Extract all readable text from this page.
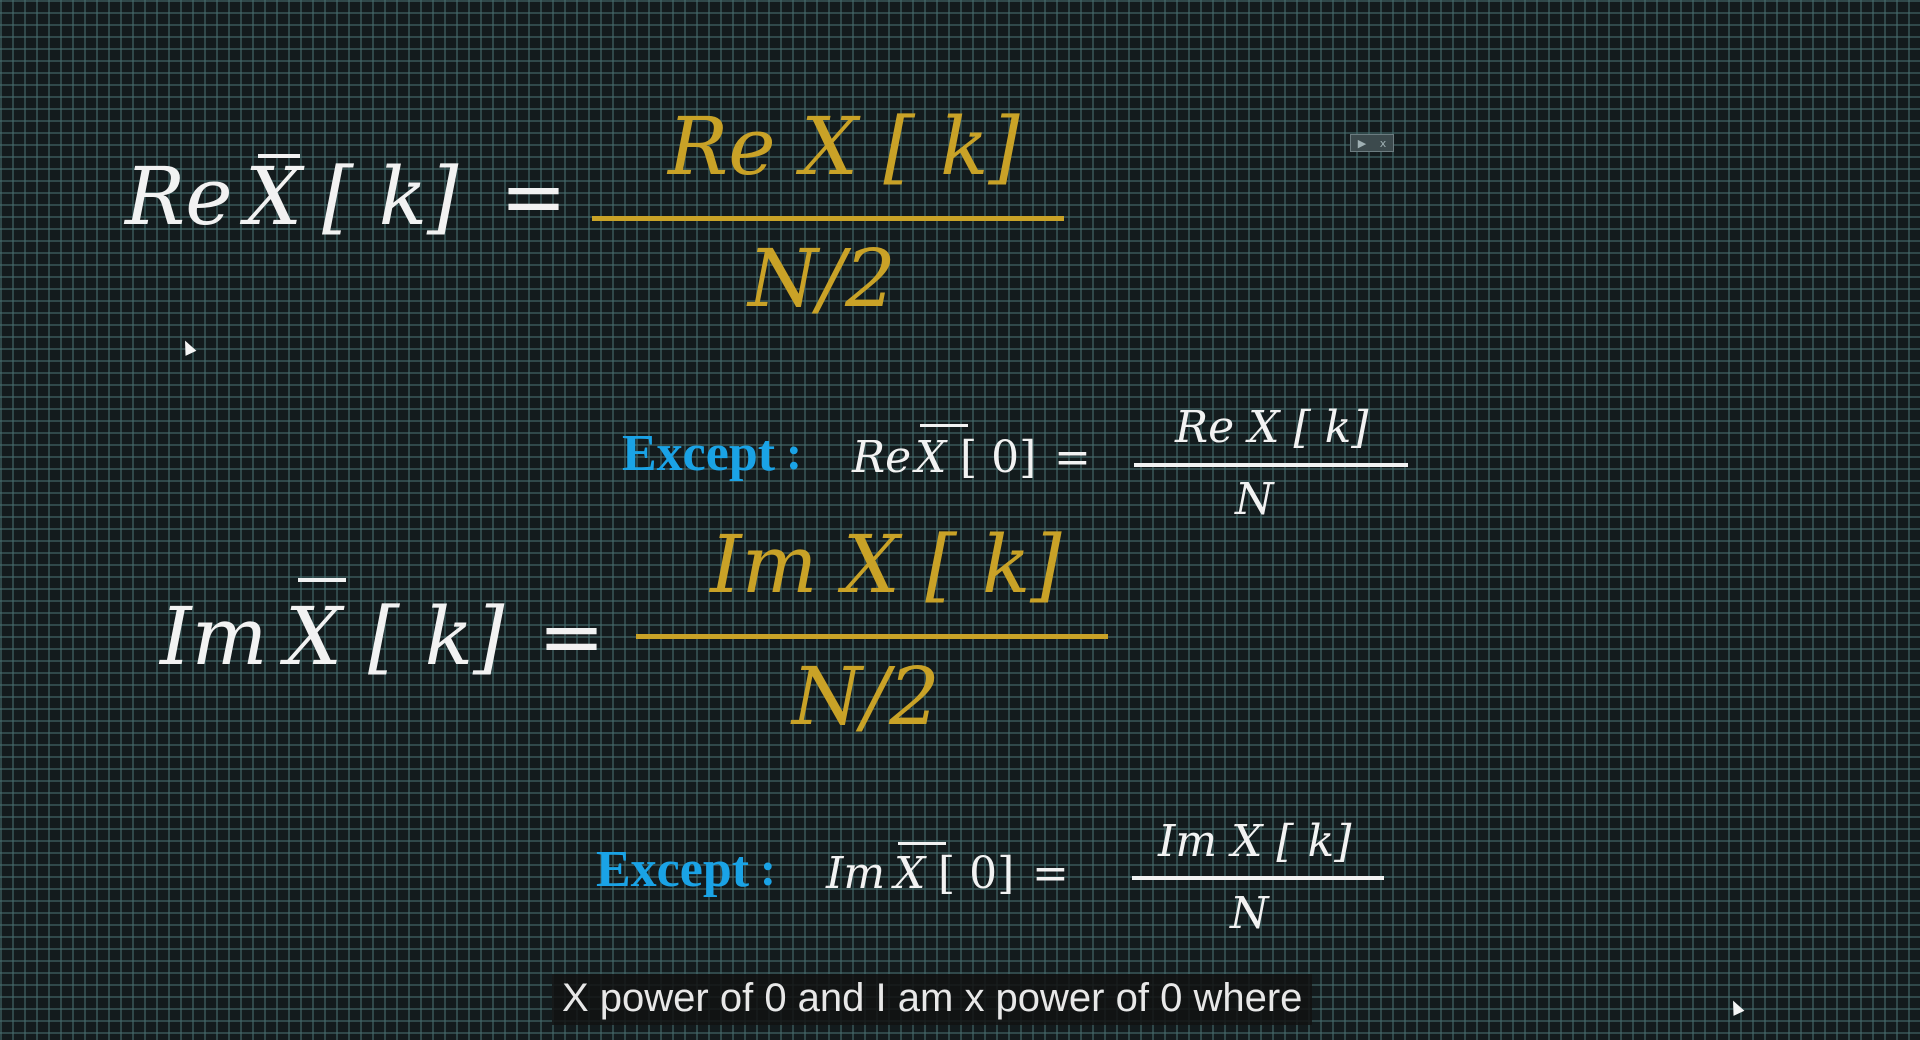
Re X [ k] =
Re X [ k]
N/2
Except : Re X [ 0] =
Re X [ k]
N
Im X [ k] =
Im X [ k]
N/2
Except : Im X [ 0] =
Im X [ k]
N
▶ x
X power of 0 and I am x power of 0 where
